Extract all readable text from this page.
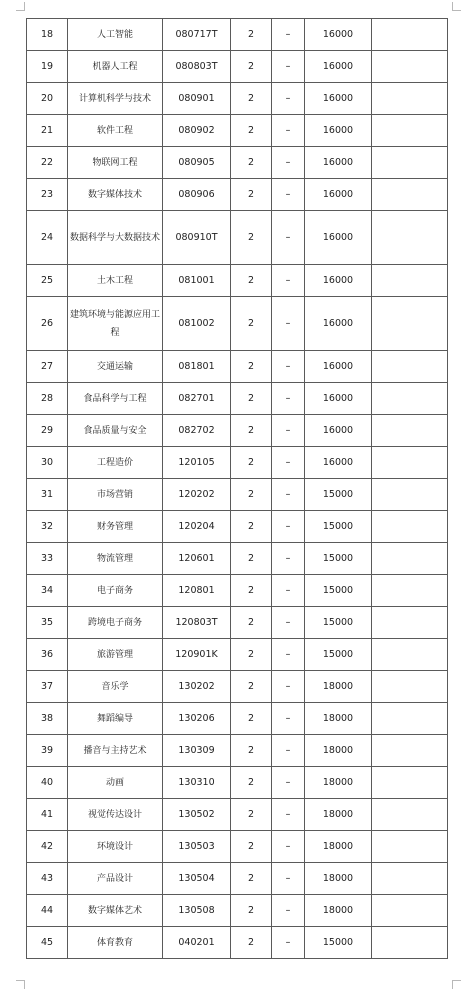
18	人工智能	080717T	2	–	16000	
19	机器人工程	080803T	2	–	16000	
20	计算机科学与技术	080901	2	–	16000	
21	软件工程	080902	2	–	16000	
22	物联网工程	080905	2	–	16000	
23	数字媒体技术	080906	2	–	16000	
24	数据科学与大数据技术	080910T	2	–	16000	
25	土木工程	081001	2	–	16000	
26	建筑环境与能源应用工程	081002	2	–	16000	
27	交通运输	081801	2	–	16000	
28	食品科学与工程	082701	2	–	16000	
29	食品质量与安全	082702	2	–	16000	
30	工程造价	120105	2	–	16000	
31	市场营销	120202	2	–	15000	
32	财务管理	120204	2	–	15000	
33	物流管理	120601	2	–	15000	
34	电子商务	120801	2	–	15000	
35	跨境电子商务	120803T	2	–	15000	
36	旅游管理	120901K	2	–	15000	
37	音乐学	130202	2	–	18000	
38	舞蹈编导	130206	2	–	18000	
39	播音与主持艺术	130309	2	–	18000	
40	动画	130310	2	–	18000	
41	视觉传达设计	130502	2	–	18000	
42	环境设计	130503	2	–	18000	
43	产品设计	130504	2	–	18000	
44	数字媒体艺术	130508	2	–	18000	
45	体育教育	040201	2	–	15000	
